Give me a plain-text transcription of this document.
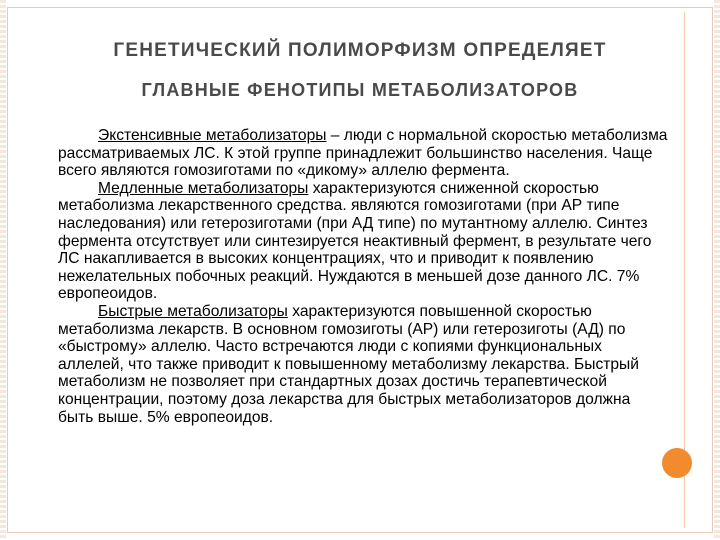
ГЕНЕТИЧЕСКИЙ ПОЛИМОРФИЗМ ОПРЕДЕЛЯЕТ
ГЛАВНЫЕ ФЕНОТИПЫ МЕТАБОЛИЗАТОРОВ

Экстенсивные метаболизаторы – люди с нормальной скоростью метаболизма рассматриваемых ЛС. К этой группе принадлежит большинство населения. Чаще всего являются гомозиготами по «дикому» аллелю фермента.

Медленные метаболизаторы характеризуются сниженной скоростью метаболизма лекарственного средства. являются гомозиготами (при АР типе наследования) или гетерозиготами (при АД типе) по мутантному аллелю. Синтез фермента отсутствует или синтезируется неактивный фермент, в результате чего ЛС накапливается в высоких концентрациях, что и приводит к появлению нежелательных побочных реакций. Нуждаются в меньшей дозе данного ЛС. 7% европеоидов.

Быстрые метаболизаторы характеризуются повышенной скоростью метаболизма лекарств. В основном гомозиготы (АР) или гетерозиготы (АД) по «быстрому» аллелю. Часто встречаются люди с копиями функциональных аллелей, что также приводит к повышенному метаболизму лекарства. Быстрый метаболизм не позволяет при стандартных дозах достичь терапевтической концентрации, поэтому доза лекарства для быстрых метаболизаторов должна быть выше. 5% европеоидов.
